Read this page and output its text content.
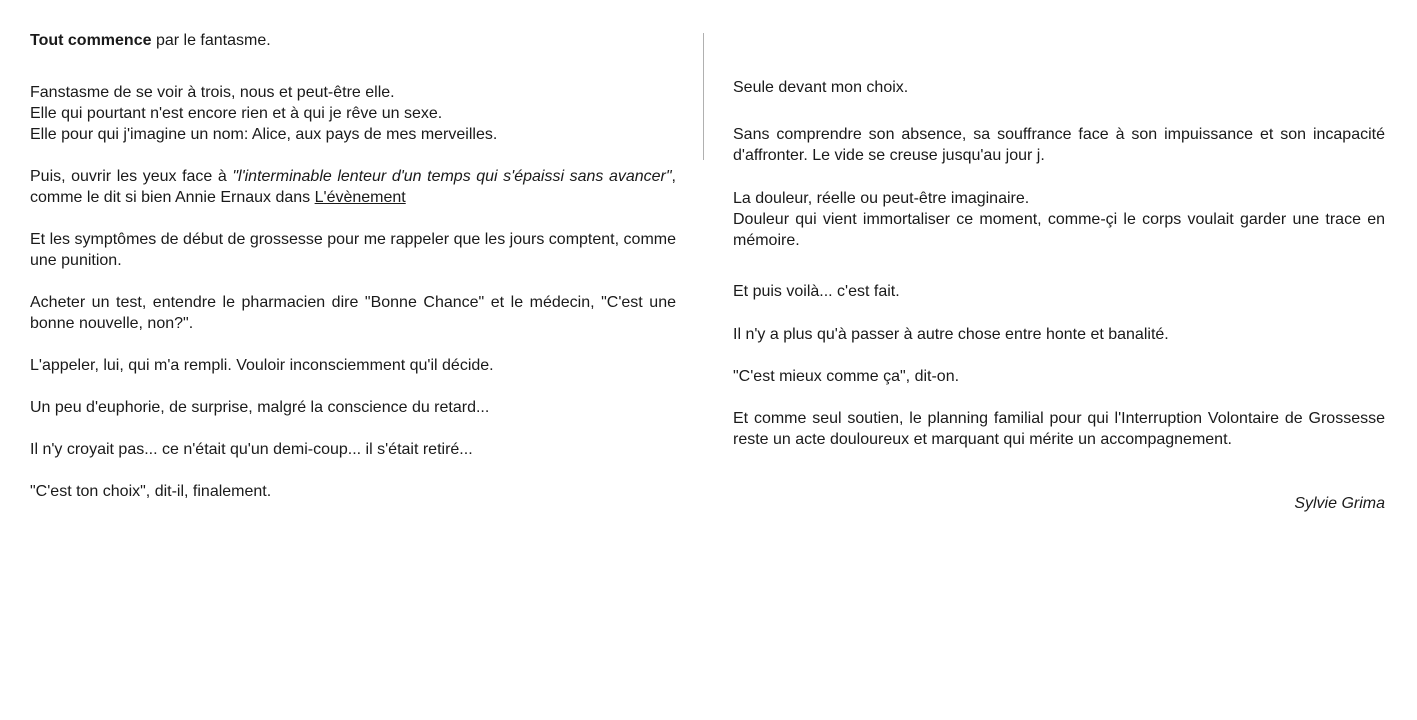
Tout commence par le fantasme.

Fanstasme de se voir à trois, nous et peut-être elle.
Elle qui pourtant n'est encore rien et à qui je rêve un sexe.
Elle pour qui j'imagine un nom: Alice, aux pays de mes merveilles.

Puis, ouvrir les yeux face à "l'interminable lenteur d'un temps qui s'épaissi sans avancer", comme le dit si bien Annie Ernaux dans L'évènement

Et les symptômes de début de grossesse pour me rappeler que les jours comptent, comme une punition.

Acheter un test, entendre le pharmacien dire "Bonne Chance" et le médecin, "C'est une bonne nouvelle, non?".

L'appeler, lui, qui m'a rempli. Vouloir inconsciemment qu'il décide.

Un peu d'euphorie, de surprise, malgré la conscience du retard...

Il n'y croyait pas... ce n'était qu'un demi-coup... il s'était retiré...

"C'est ton choix", dit-il, finalement.

Seule devant mon choix.

Sans comprendre son absence, sa souffrance face à son impuissance et son incapacité d'affronter. Le vide se creuse jusqu'au jour j.

La douleur, réelle ou peut-être imaginaire.
Douleur qui vient immortaliser ce moment, comme-çi le corps voulait garder une trace en mémoire.

Et puis voilà... c'est fait.

Il n'y a plus qu'à passer à autre chose entre honte et banalité.

"C'est mieux comme ça", dit-on.

Et comme seul soutien, le planning familial pour qui l'Interruption Volontaire de Grossesse reste un acte douloureux et marquant qui mérite un accompagnement.

Sylvie Grima
